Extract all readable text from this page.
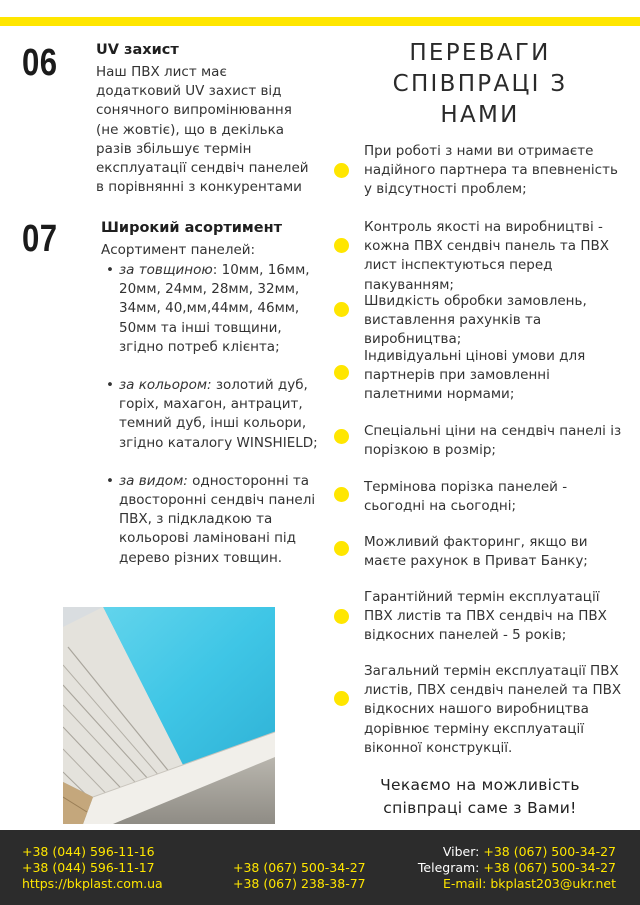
06	UV захист
Наш ПВХ лист має додатковий UV захист від сонячного випромінювання (не жовтіє), що в декілька разів збільшує термін експлуатації сендвіч панелей в порівнянні з конкурентами
07	Широкий асортимент
Асортимент панелей:
• за товщиною: 10мм, 16мм, 20мм, 24мм, 28мм, 32мм, 34мм, 40,мм,44мм, 46мм, 50мм та інші товщини, згідно потреб клієнта;
• за кольором: золотий дуб, горіх, махагон, антрацит, темний дуб, інші кольори, згідно каталогу WINSHIELD;
• за видом: односторонні та двосторонні сендвіч панелі ПВХ, з підкладкою та кольорові ламіновані під дерево різних товщин.
ПЕРЕВАГИ СПІВПРАЦІ З НАМИ
При роботі з нами ви отримаєте надійного партнера та впевненість у відсутності проблем;
Контроль якості на виробництві - кожна ПВХ сендвіч панель та ПВХ лист інспектуються перед пакуванням;
Швидкість обробки замовлень, виставлення рахунків та виробництва;
Індивідуальні цінові умови для партнерів при замовленні палетними нормами;
Спеціальні ціни на сендвіч панелі із порізкою в розмір;
Термінова порізка панелей - сьогодні на сьогодні;
Можливий факторинг, якщо ви маєте рахунок в Приват Банку;
Гарантійний термін експлуатації ПВХ листів та ПВХ сендвіч на ПВХ відкосних панелей - 5 років;
Загальний термін експлуатації ПВХ листів, ПВХ сендвіч панелей та ПВХ відкосних нашого виробництва дорівнює терміну експлуатації віконної конструкції.
Чекаємо на можливість співпраці саме з Вами!
+38 (044) 596-11-16
+38 (044) 596-11-17
https://bkplast.com.ua
+38 (067) 500-34-27
+38 (067) 238-38-77
Viber: +38 (067) 500-34-27
Telegram: +38 (067) 500-34-27
E-mail: bkplast203@ukr.net
